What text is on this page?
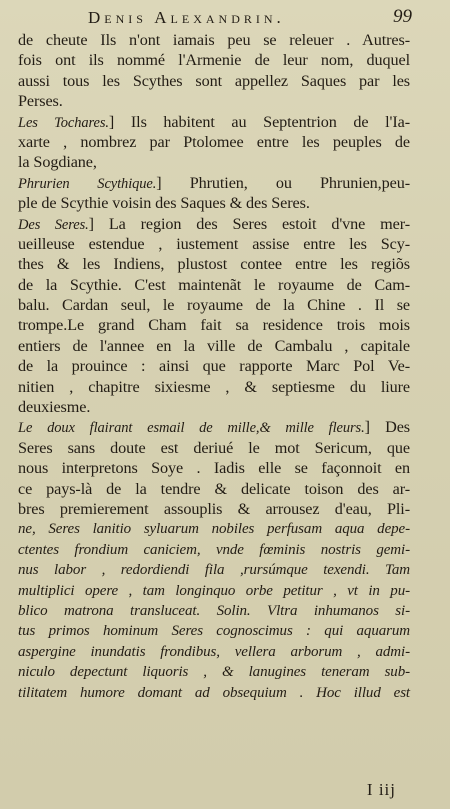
Denis Alexandrin.	99
de cheute Ils n'ont iamais peu se releuer . Autres-
fois ont ils nommé l'Armenie de leur nom, duquel
aussi tous les Scythes sont appellez Saques par les
Perses.
Les Tochares.] Ils habitent au Septentrion de l'Ia-
xarte , nombrez par Ptolomee entre les peuples de
la Sogdiane,
Phrurien Scythique.] Phrutien, ou Phrunien,peu-
ple de Scythie voisin des Saques & des Seres.
Des Seres.] La region des Seres estoit d'vne mer-
ueilleuse estendue , iustement assise entre les Scy-
thes & les Indiens, plustost contee entre les regiõs
de la Scythie. C'est maintenãt le royaume de Cam-
balu. Cardan seul, le royaume de la Chine . Il se
trompe.Le grand Cham fait sa residence trois mois
entiers de l'annee en la ville de Cambalu , capitale
de la prouince : ainsi que rapporte Marc Pol Ve-
nitien , chapitre sixiesme , & septiesme du liure
deuxiesme.
Le doux flairant esmail de mille,& mille fleurs.] Des
Seres sans doute est deriué le mot Sericum, que
nous interpretons Soye . Iadis elle se façonnoit en
ce pays-là de la tendre & delicate toison des ar-
bres premierement assouplis & arrousez d'eau, Pli-
ne, Seres lanitio syluarum nobiles perfusam aqua depe-
ctentes frondium caniciem, vnde fœminis nostris gemi-
nus labor , redordiendi fila ,rursúmque texendi. Tam
multiplici opere , tam longinquo orbe petitur , vt in pu-
blico matrona transluceat. Solin. Vltra inhumanos si-
tus primos hominum Seres cognoscimus : qui aquarum
aspergine inundatis frondibus, vellera arborum , admi-
niculo depectunt liquoris , & lanugines teneram sub-
tilitatem humore domant ad obsequium . Hoc illud est
I iij
